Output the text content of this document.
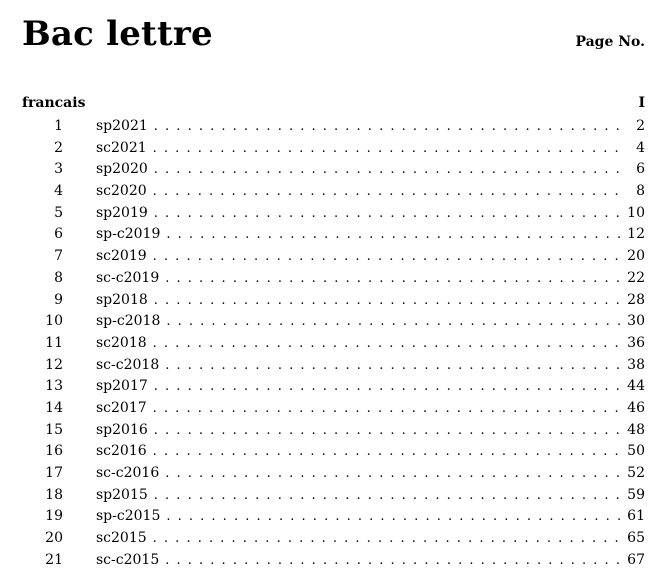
Bac lettre	Page No.
francais	I
1 sp2021 . . .	2
2 sc2021 . . .	4
3 sp2020 . . .	6
4 sc2020 . . .	8
5 sp2019 . . .	10
6 sp-c2019 . . .	12
7 sc2019 . . .	20
8 sc-c2019 . . .	22
9 sp2018 . . .	28
10 sp-c2018 . . .	30
11 sc2018 . . .	36
12 sc-c2018 . . .	38
13 sp2017 . . .	44
14 sc2017 . . .	46
15 sp2016 . . .	48
16 sc2016 . . .	50
17 sc-c2016 . . .	52
18 sp2015 . . .	59
19 sp-c2015 . . .	61
20 sc2015 . . .	65
21 sc-c2015 . . .	67
